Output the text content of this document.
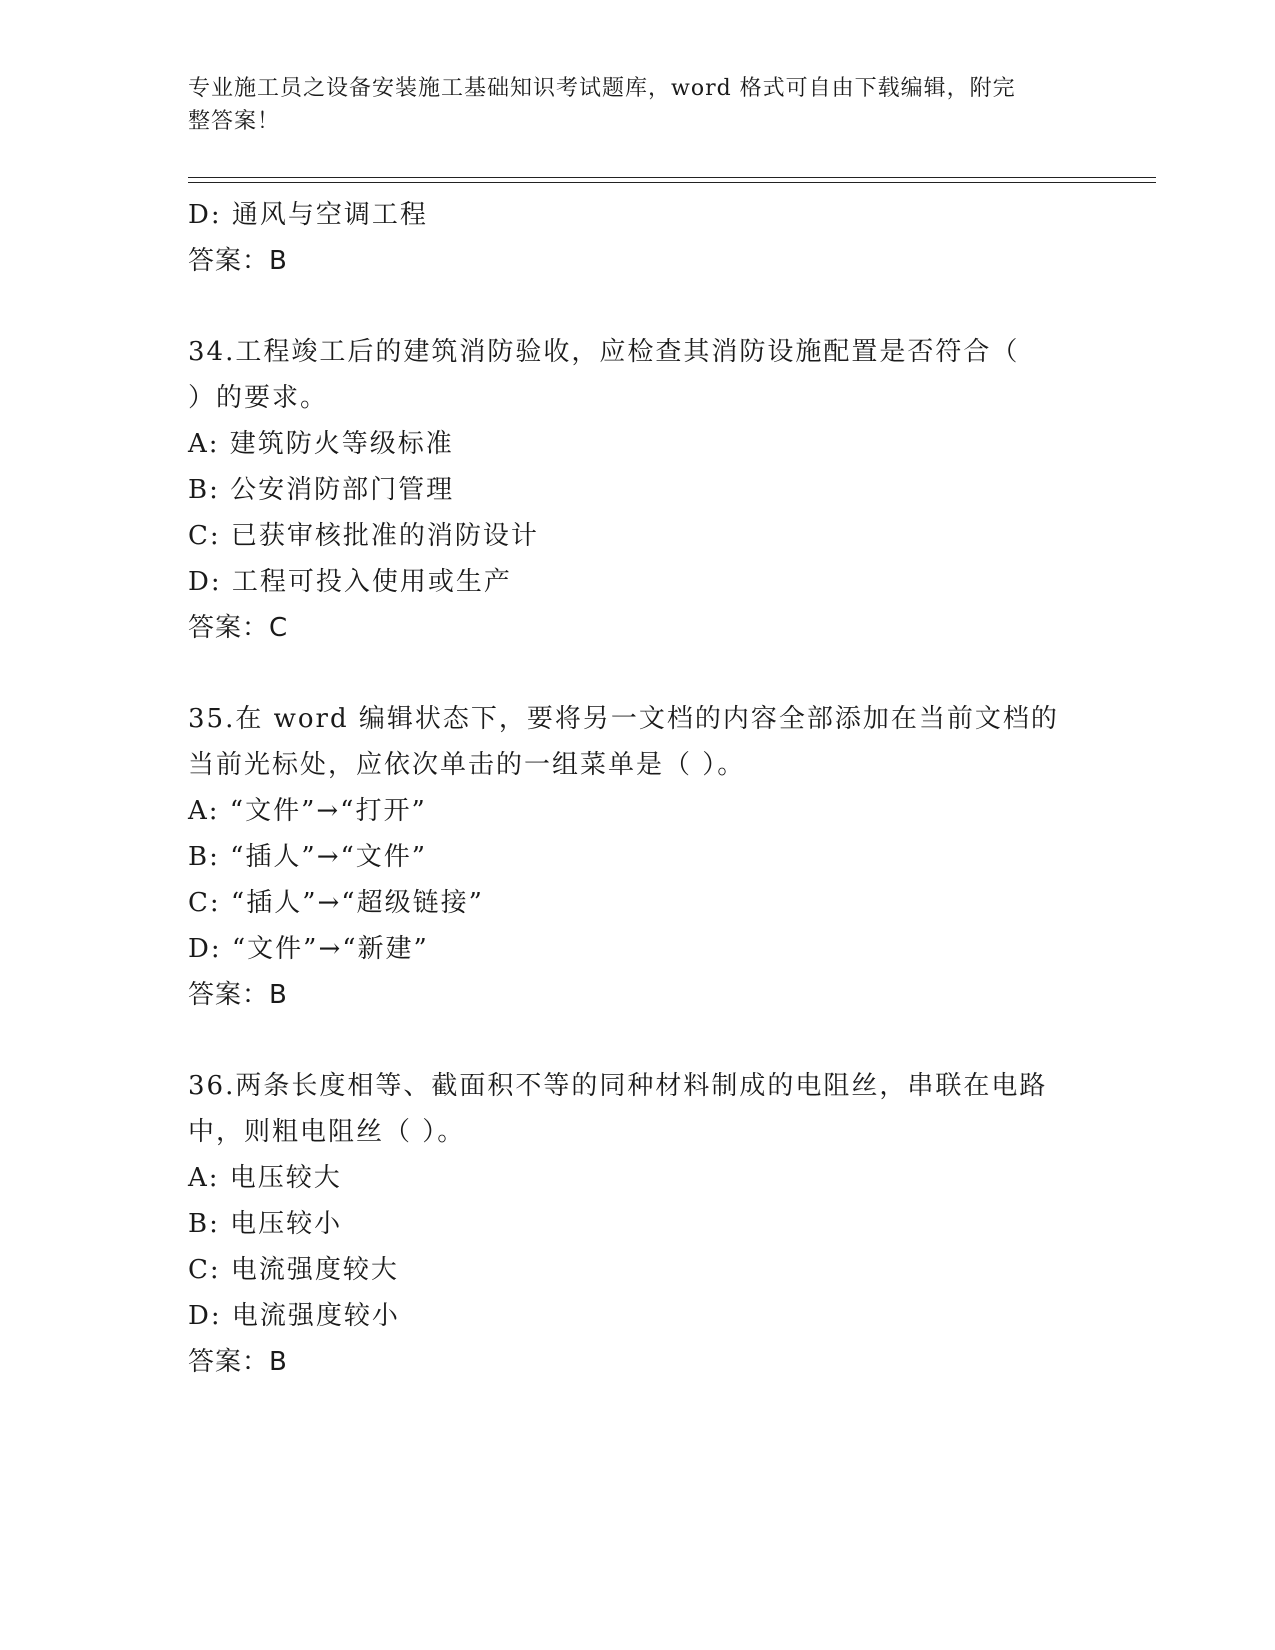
专业施工员之设备安装施工基础知识考试题库，word 格式可自由下载编辑，附完
整答案！
D: 通风与空调工程
答案：B
34.工程竣工后的建筑消防验收，应检查其消防设施配置是否符合（
）的要求。
A: 建筑防火等级标准
B: 公安消防部门管理
C: 已获审核批准的消防设计
D: 工程可投入使用或生产
答案：C
35.在 word 编辑状态下，要将另一文档的内容全部添加在当前文档的
当前光标处，应依次单击的一组菜单是（ ）。
A: “文件”→“打开”
B: “插人”→“文件”
C: “插人”→“超级链接”
D: “文件”→“新建”
答案：B
36.两条长度相等、截面积不等的同种材料制成的电阻丝，串联在电路
中，则粗电阻丝（ ）。
A: 电压较大
B: 电压较小
C: 电流强度较大
D: 电流强度较小
答案：B
